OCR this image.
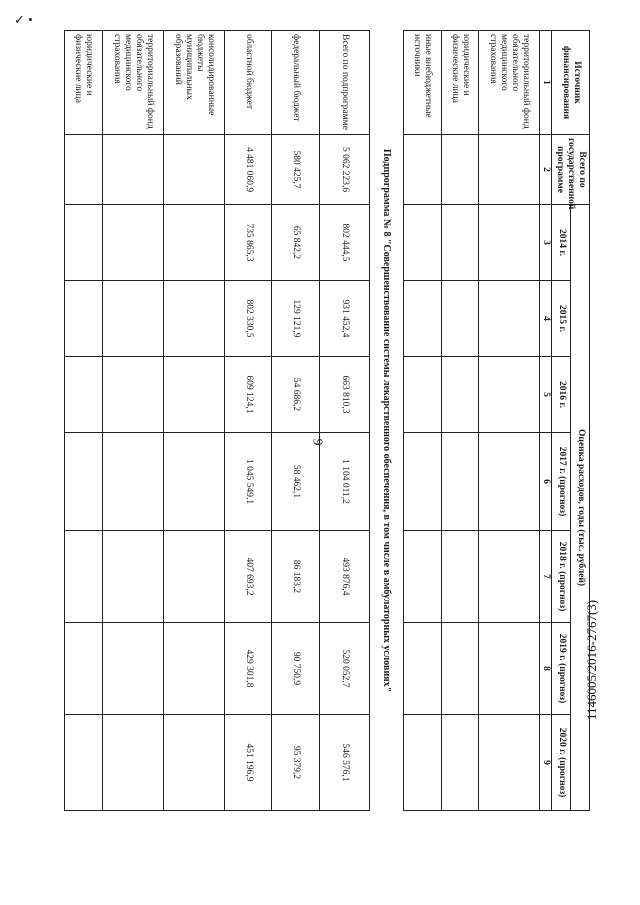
✓ •
9
1146005/2016-2767(3)
Источник финансирования	Всего по государственной программе	Оценка расходов, годы (тыс. рублей)						
		2014 г.	2015 г.	2016 г.	2017 г. (прогноз)	2018 г. (прогноз)	2019 г. (прогноз)	2020 г. (прогноз)
1	2	3	4	5	6	7	8	9
территориальный фонд обязательного медицинского страхования								
юридические и физические лица								
иные внебюджетные источники								
Подпрограмма № 8 "Совершенствование системы лекарственного обеспечения, в том числе в амбулаторных условиях"								
Всего по подпрограмме	5 062 223,6	802 444,5	931 452,4	663 810,3	1 104 011,2	493 876,4	520 052,7	546 576,1
федеральный бюджет	580 425,7	65 842,2	129 121,9	54 686,2	58 462,1	86 183,2	90 750,9	95 379,2
областной бюджет	4 481 060,9	735 865,3	802 330,5	609 124,1	1 045 549,1	407 693,2	429 301,8	451 196,9
консолидированные бюджеты муниципальных образований								
территориальный фонд обязательного медицинского страхования								
юридические и физические лица								
